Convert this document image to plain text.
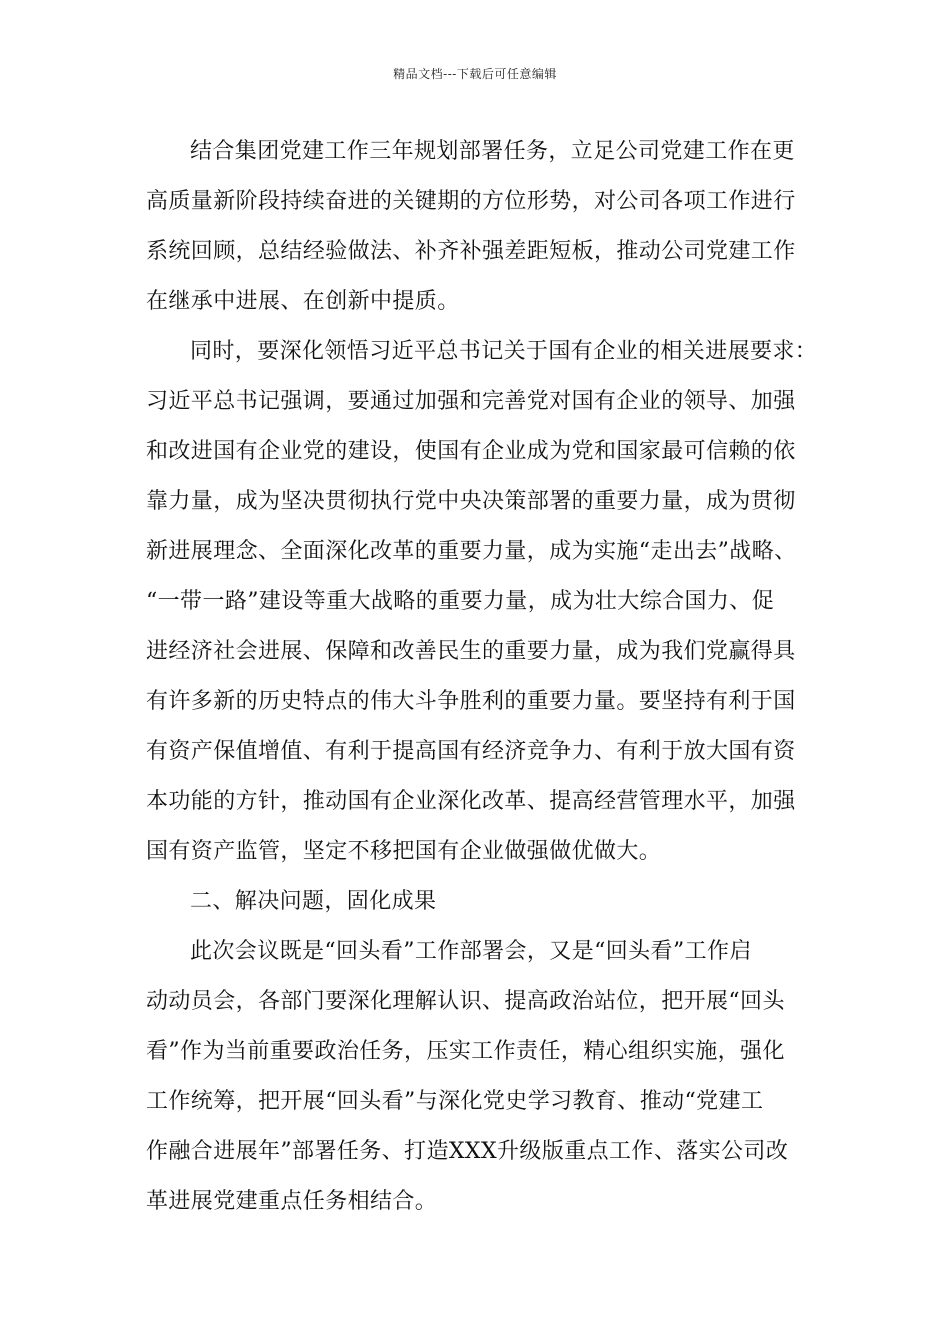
精品文档---下载后可任意编辑
结合集团党建工作三年规划部署任务，立足公司党建工作在更
高质量新阶段持续奋进的关键期的方位形势，对公司各项工作进行
系统回顾，总结经验做法、补齐补强差距短板，推动公司党建工作
在继承中进展、在创新中提质。
同时，要深化领悟习近平总书记关于国有企业的相关进展要求：
习近平总书记强调，要通过加强和完善党对国有企业的领导、加强
和改进国有企业党的建设，使国有企业成为党和国家最可信赖的依
靠力量，成为坚决贯彻执行党中央决策部署的重要力量，成为贯彻
新进展理念、全面深化改革的重要力量，成为实施“走出去”战略、
“一带一路”建设等重大战略的重要力量，成为壮大综合国力、促
进经济社会进展、保障和改善民生的重要力量，成为我们党赢得具
有许多新的历史特点的伟大斗争胜利的重要力量。要坚持有利于国
有资产保值增值、有利于提高国有经济竞争力、有利于放大国有资
本功能的方针，推动国有企业深化改革、提高经营管理水平，加强
国有资产监管，坚定不移把国有企业做强做优做大。
二、解决问题，固化成果
此次会议既是“回头看”工作部署会，又是“回头看”工作启
动动员会，各部门要深化理解认识、提高政治站位，把开展“回头
看”作为当前重要政治任务，压实工作责任，精心组织实施，强化
工作统筹，把开展“回头看”与深化党史学习教育、推动“党建工
作融合进展年”部署任务、打造XXX升级版重点工作、落实公司改
革进展党建重点任务相结合。
